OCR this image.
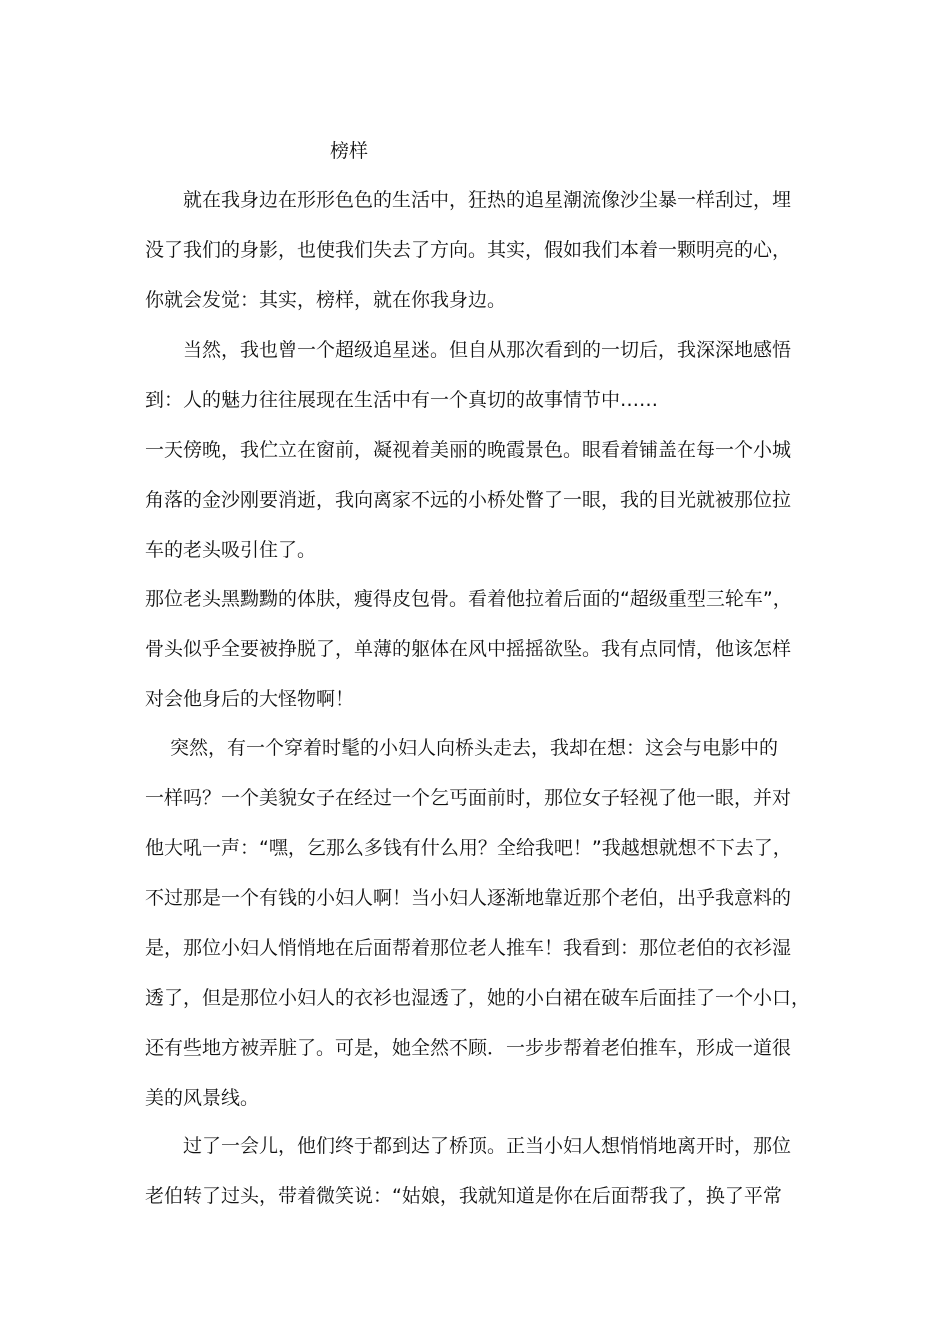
榜样
　　就在我身边在形形色色的生活中，狂热的追星潮流像沙尘暴一样刮过，埋
没了我们的身影，也使我们失去了方向。其实，假如我们本着一颗明亮的心，
你就会发觉：其实，榜样，就在你我身边。
　　当然，我也曾一个超级追星迷。但自从那次看到的一切后，我深深地感悟
到：人的魅力往往展现在生活中有一个真切的故事情节中……
一天傍晚，我伫立在窗前，凝视着美丽的晚霞景色。眼看着铺盖在每一个小城
角落的金沙刚要消逝，我向离家不远的小桥处瞥了一眼，我的目光就被那位拉
车的老头吸引住了。
那位老头黑黝黝的体肤，瘦得皮包骨。看着他拉着后面的“超级重型三轮车”，
骨头似乎全要被挣脱了，单薄的躯体在风中摇摇欲坠。我有点同情，他该怎样
对会他身后的大怪物啊！
　 突然，有一个穿着时髦的小妇人向桥头走去，我却在想：这会与电影中的
一样吗？一个美貌女子在经过一个乞丐面前时，那位女子轻视了他一眼，并对
他大吼一声：“嘿，乞那么多钱有什么用？全给我吧！”我越想就想不下去了，
不过那是一个有钱的小妇人啊！当小妇人逐渐地靠近那个老伯，出乎我意料的
是，那位小妇人悄悄地在后面帮着那位老人推车！我看到：那位老伯的衣衫湿
透了，但是那位小妇人的衣衫也湿透了，她的小白裙在破车后面挂了一个小口，
还有些地方被弄脏了。可是，她全然不顾．一步步帮着老伯推车，形成一道很
美的风景线。
　　过了一会儿，他们终于都到达了桥顶。正当小妇人想悄悄地离开时，那位
老伯转了过头，带着微笑说：“姑娘，我就知道是你在后面帮我了，换了平常
